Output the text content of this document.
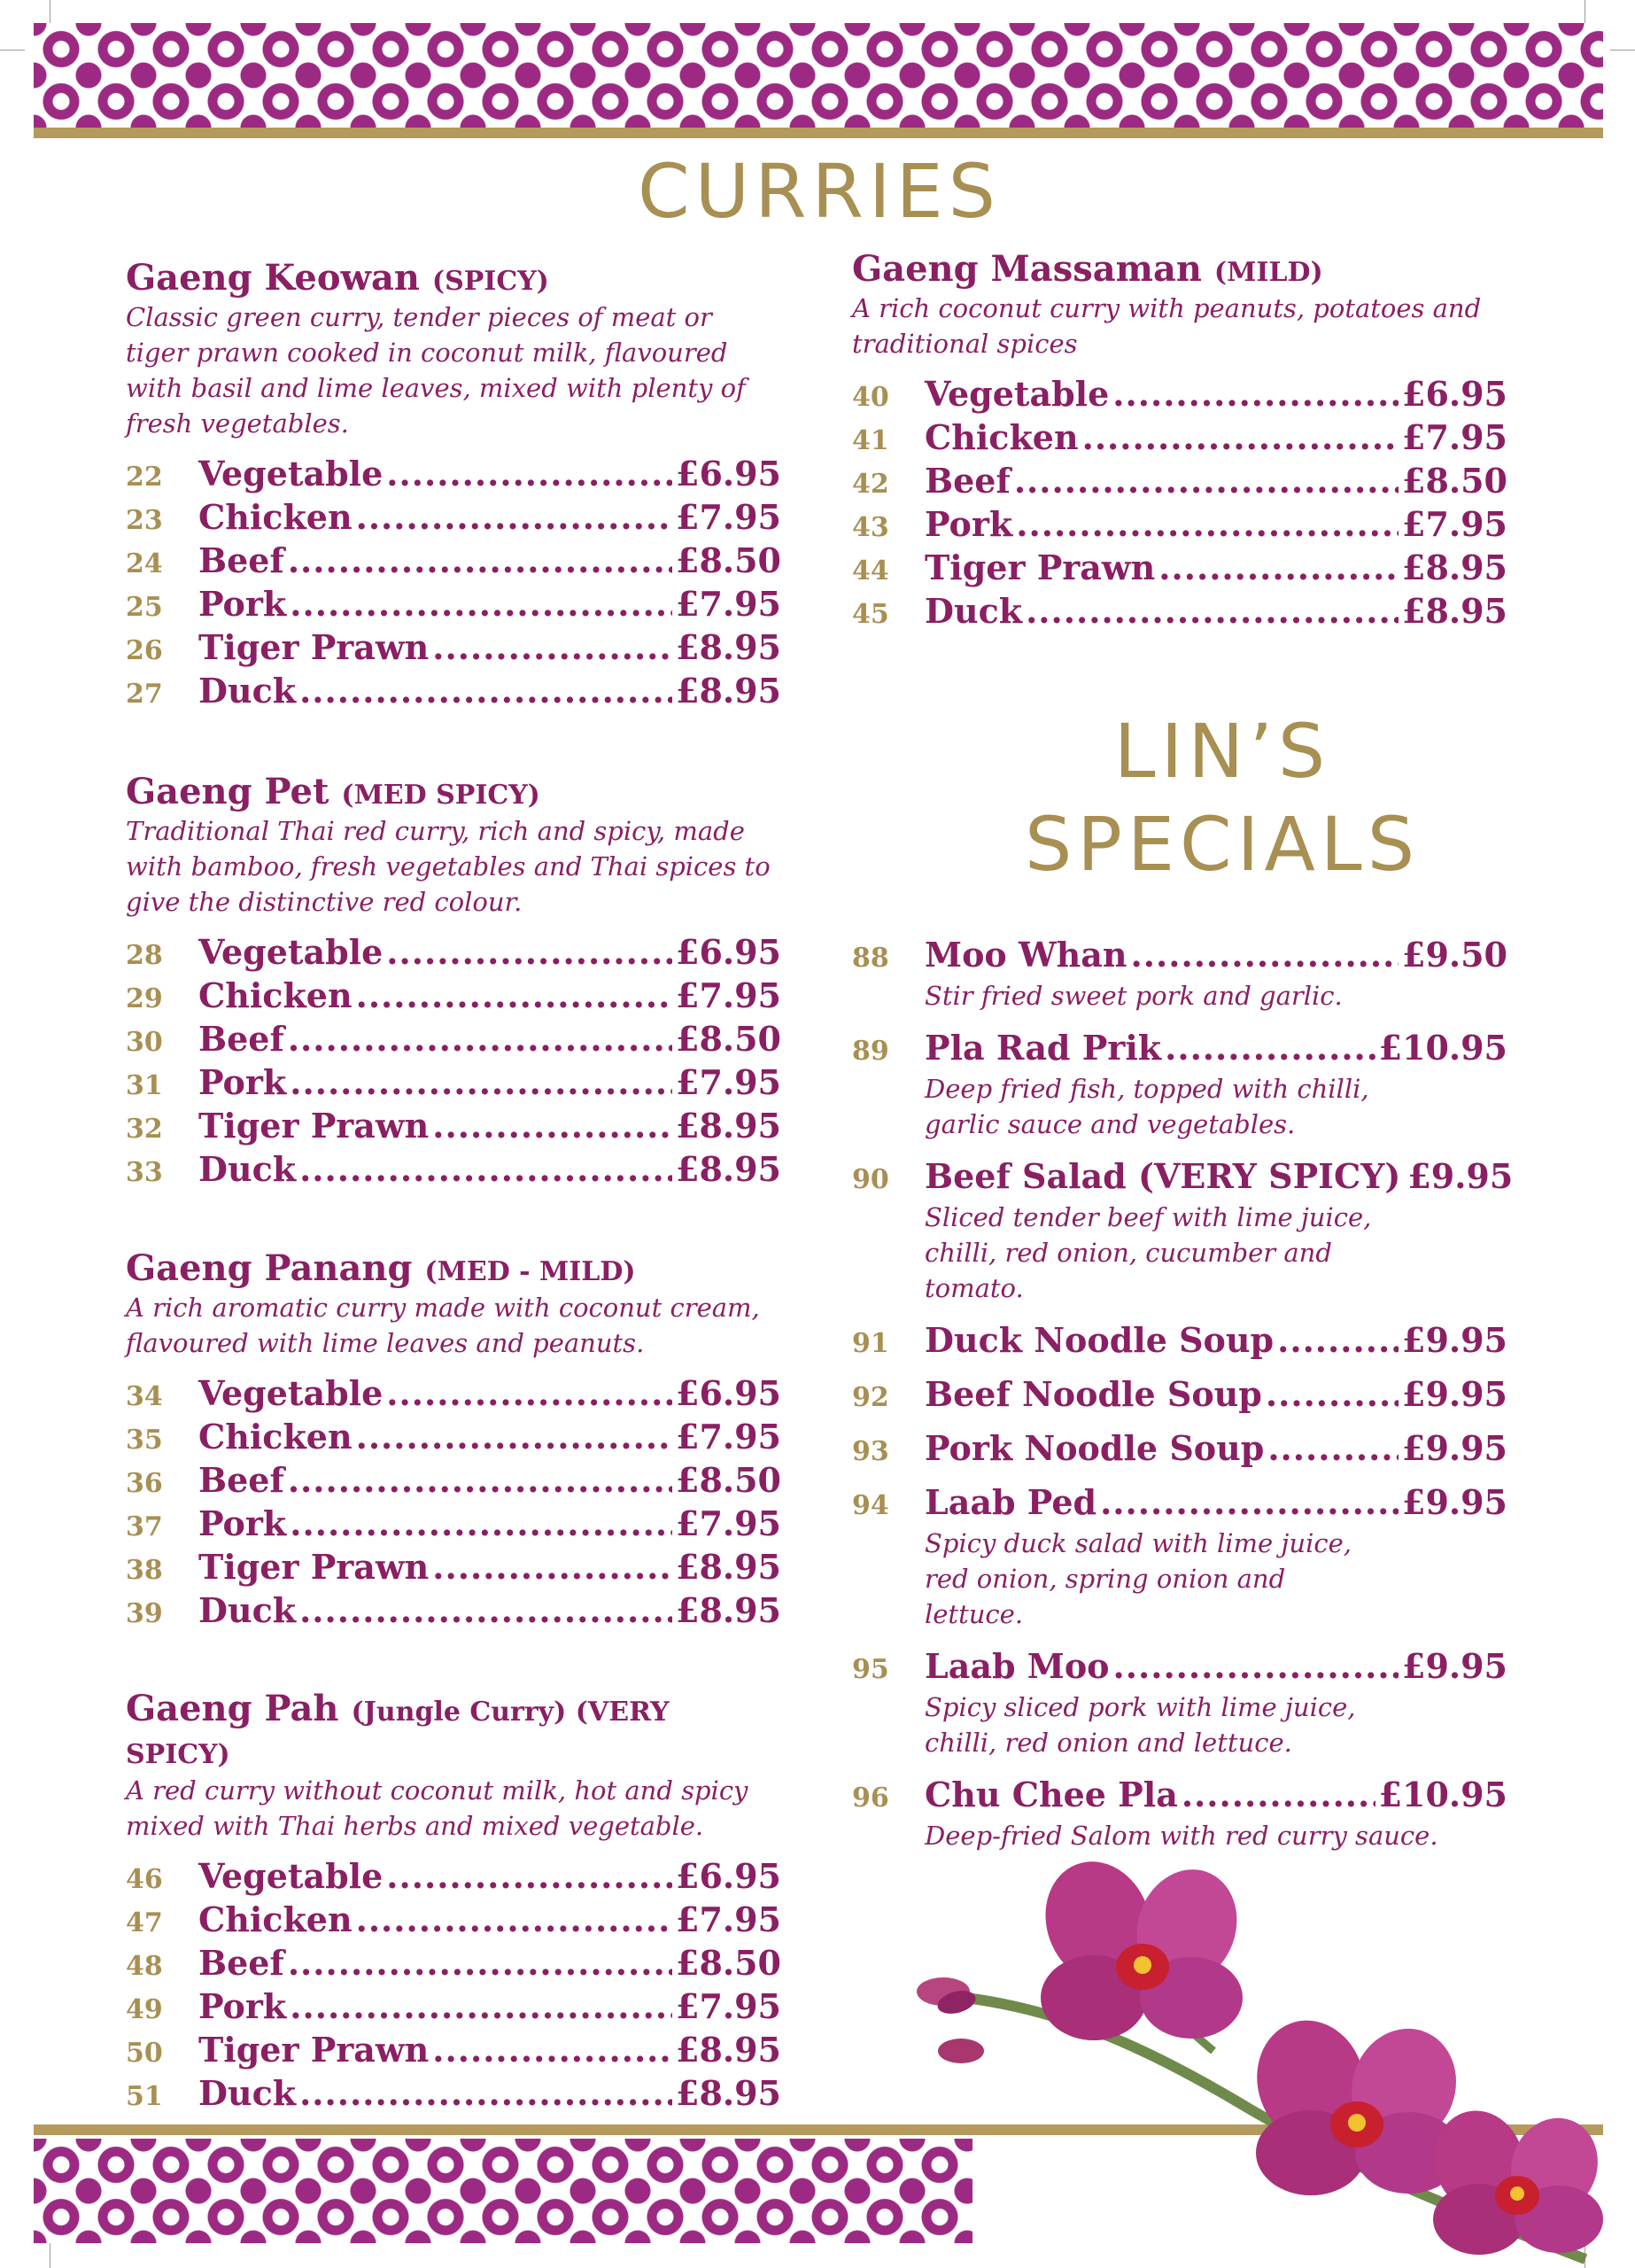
CURRIES
Gaeng Keowan (SPICY)

Classic green curry, tender pieces of meat or tiger prawn cooked in coconut milk, flavoured with basil and lime leaves, mixed with plenty of fresh vegetables.

22	Vegetable .....	£6.95
23	Chicken .....	£7.95
24	Beef .....	£8.50
25	Pork .....	£7.95
26	Tiger Prawn .....	£8.95
27	Duck .....	£8.95
Gaeng Pet (MED SPICY)

Traditional Thai red curry, rich and spicy, made with bamboo, fresh vegetables and Thai spices to give the distinctive red colour.

28	Vegetable .....	£6.95
29	Chicken .....	£7.95
30	Beef .....	£8.50
31	Pork .....	£7.95
32	Tiger Prawn .....	£8.95
33	Duck .....	£8.95
Gaeng Panang (MED - MILD)

A rich aromatic curry made with coconut cream, flavoured with lime leaves and peanuts.

34	Vegetable .....	£6.95
35	Chicken .....	£7.95
36	Beef .....	£8.50
37	Pork .....	£7.95
38	Tiger Prawn .....	£8.95
39	Duck .....	£8.95
Gaeng Pah (Jungle Curry) (VERY SPICY)

A red curry without coconut milk, hot and spicy mixed with Thai herbs and mixed vegetable.

46	Vegetable .....	£6.95
47	Chicken .....	£7.95
48	Beef .....	£8.50
49	Pork .....	£7.95
50	Tiger Prawn .....	£8.95
51	Duck .....	£8.95
Gaeng Massaman (MILD)

A rich coconut curry with peanuts, potatoes and traditional spices

40	Vegetable .....	£6.95
41	Chicken .....	£7.95
42	Beef .....	£8.50
43	Pork .....	£7.95
44	Tiger Prawn .....	£8.95
45	Duck .....	£8.95
LIN’S
SPECIALS
88	Moo Whan .....	£9.50

Stir fried sweet pork and garlic.

89	Pla Rad Prik .....	£10.95

Deep fried fish, topped with chilli, garlic sauce and vegetables.

90	Beef Salad (VERY SPICY) £9.95

Sliced tender beef with lime juice, chilli, red onion, cucumber and tomato.

91	Duck Noodle Soup .....	£9.95
92	Beef Noodle Soup .....	£9.95
93	Pork Noodle Soup .....	£9.95
94	Laab Ped .....	£9.95

Spicy duck salad with lime juice, red onion, spring onion and lettuce.

95	Laab Moo .....	£9.95

Spicy sliced pork with lime juice, chilli, red onion and lettuce.

96	Chu Chee Pla .....	£10.95

Deep-fried Salom with red curry sauce.
